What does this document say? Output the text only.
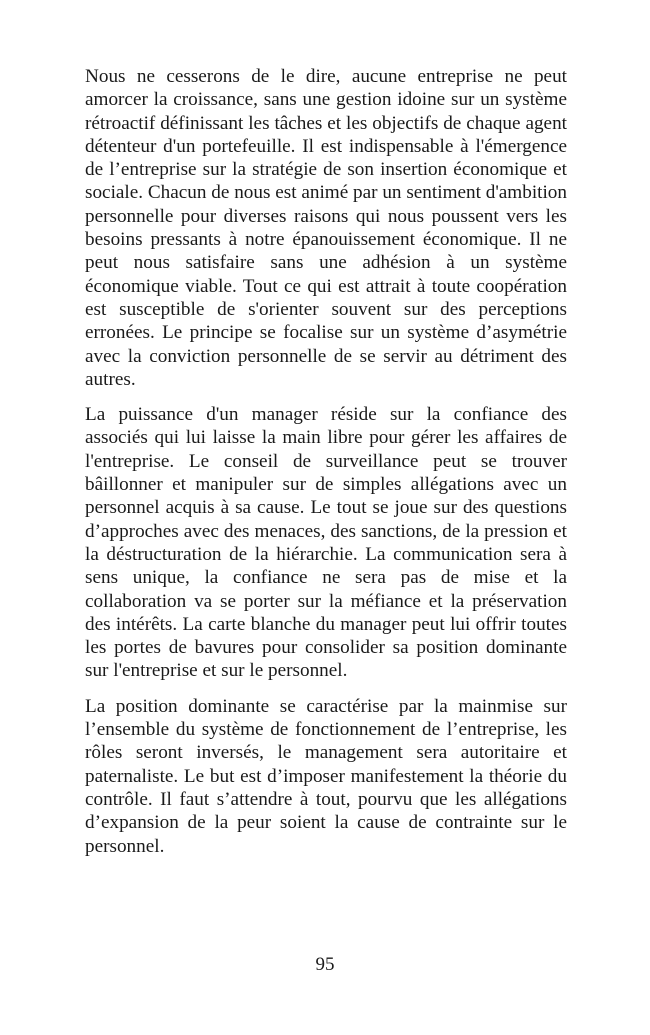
Nous ne cesserons de le dire, aucune entreprise ne peut amorcer la croissance, sans une gestion idoine sur un système rétroactif définissant les tâches et les objectifs de chaque agent détenteur d'un portefeuille. Il est indispensable à l'émergence de l’entreprise sur la stratégie de son insertion économique et sociale. Chacun de nous est animé par un sentiment d'ambition personnelle pour diverses raisons qui nous poussent vers les besoins pressants à notre épanouissement économique. Il ne peut nous satisfaire sans une adhésion à un système économique viable. Tout ce qui est attrait à toute coopération est susceptible de s'orienter souvent sur des perceptions erronées. Le principe se focalise sur un système d’asymétrie avec la conviction personnelle de se servir au détriment des autres.

La puissance d'un manager réside sur la confiance des associés qui lui laisse la main libre pour gérer les affaires de l'entreprise. Le conseil de surveillance peut se trouver bâillonner et manipuler sur de simples allégations avec un personnel acquis à sa cause. Le tout se joue sur des questions d’approches avec des menaces, des sanctions, de la pression et la déstructuration de la hiérarchie. La communication sera à sens unique, la confiance ne sera pas de mise et la collaboration va se porter sur la méfiance et la préservation des intérêts. La carte blanche du manager peut lui offrir toutes les portes de bavures pour consolider sa position dominante sur l'entreprise et sur le personnel.

La position dominante se caractérise par la mainmise sur l’ensemble du système de fonctionnement de l’entreprise, les rôles seront inversés, le management sera autoritaire et paternaliste. Le but est d’imposer manifestement la théorie du contrôle. Il faut s’attendre à tout, pourvu que les allégations d’expansion de la peur soient la cause de contrainte sur le personnel.

95
